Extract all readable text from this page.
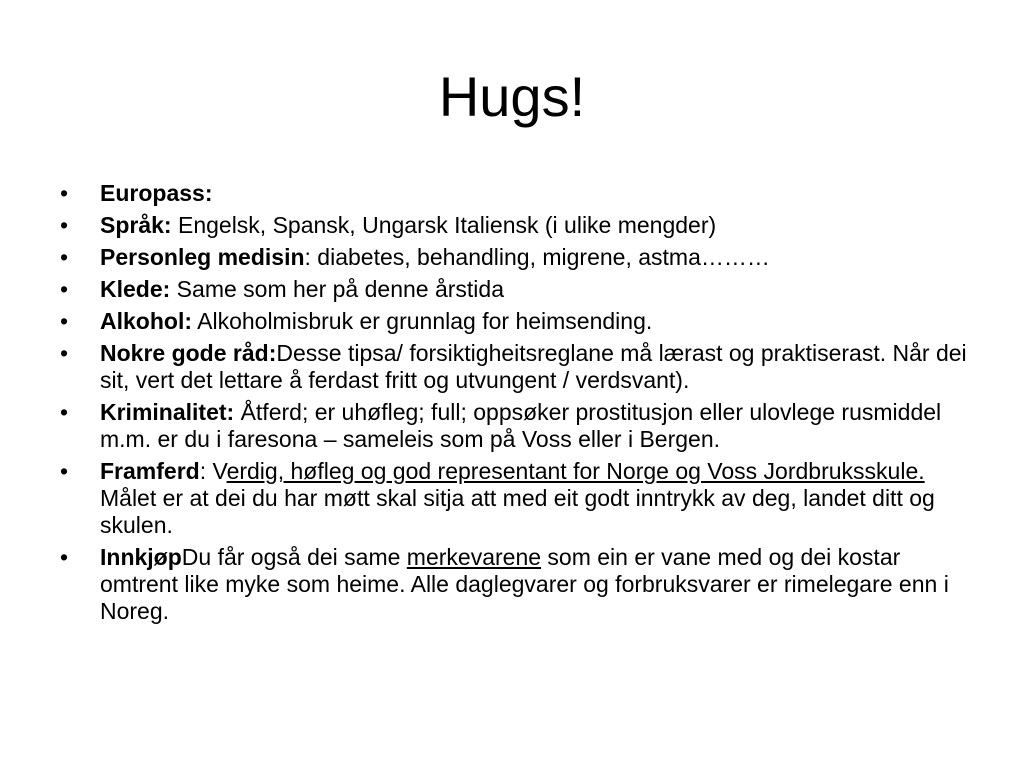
Hugs!
•	Europass:
•	Språk: Engelsk, Spansk, Ungarsk Italiensk (i ulike mengder)
•	Personleg medisin: diabetes, behandling, migrene, astma………
•	Klede: Same som her på denne årstida
•	Alkohol: Alkoholmisbruk er grunnlag for heimsending.
•	Nokre gode råd:Desse tipsa/ forsiktigheitsreglane må lærast og praktiserast. Når dei sit, vert det lettare å ferdast fritt og utvungent / verdsvant).
•	Kriminalitet: Åtferd; er uhøfleg; full; oppsøker prostitusjon eller ulovlege rusmiddel m.m. er du i faresona – sameleis som på Voss eller i Bergen.
•	Framferd: Verdig, høfleg og god representant for Norge og Voss Jordbruksskule. Målet er at dei du har møtt skal sitja att med eit godt inntrykk av deg, landet ditt og skulen.
•	InnkjøpDu får også dei same merkevarene som ein er vane med og dei kostar omtrent like myke som heime. Alle daglegvarer og forbruksvarer er rimelegare enn i Noreg.
